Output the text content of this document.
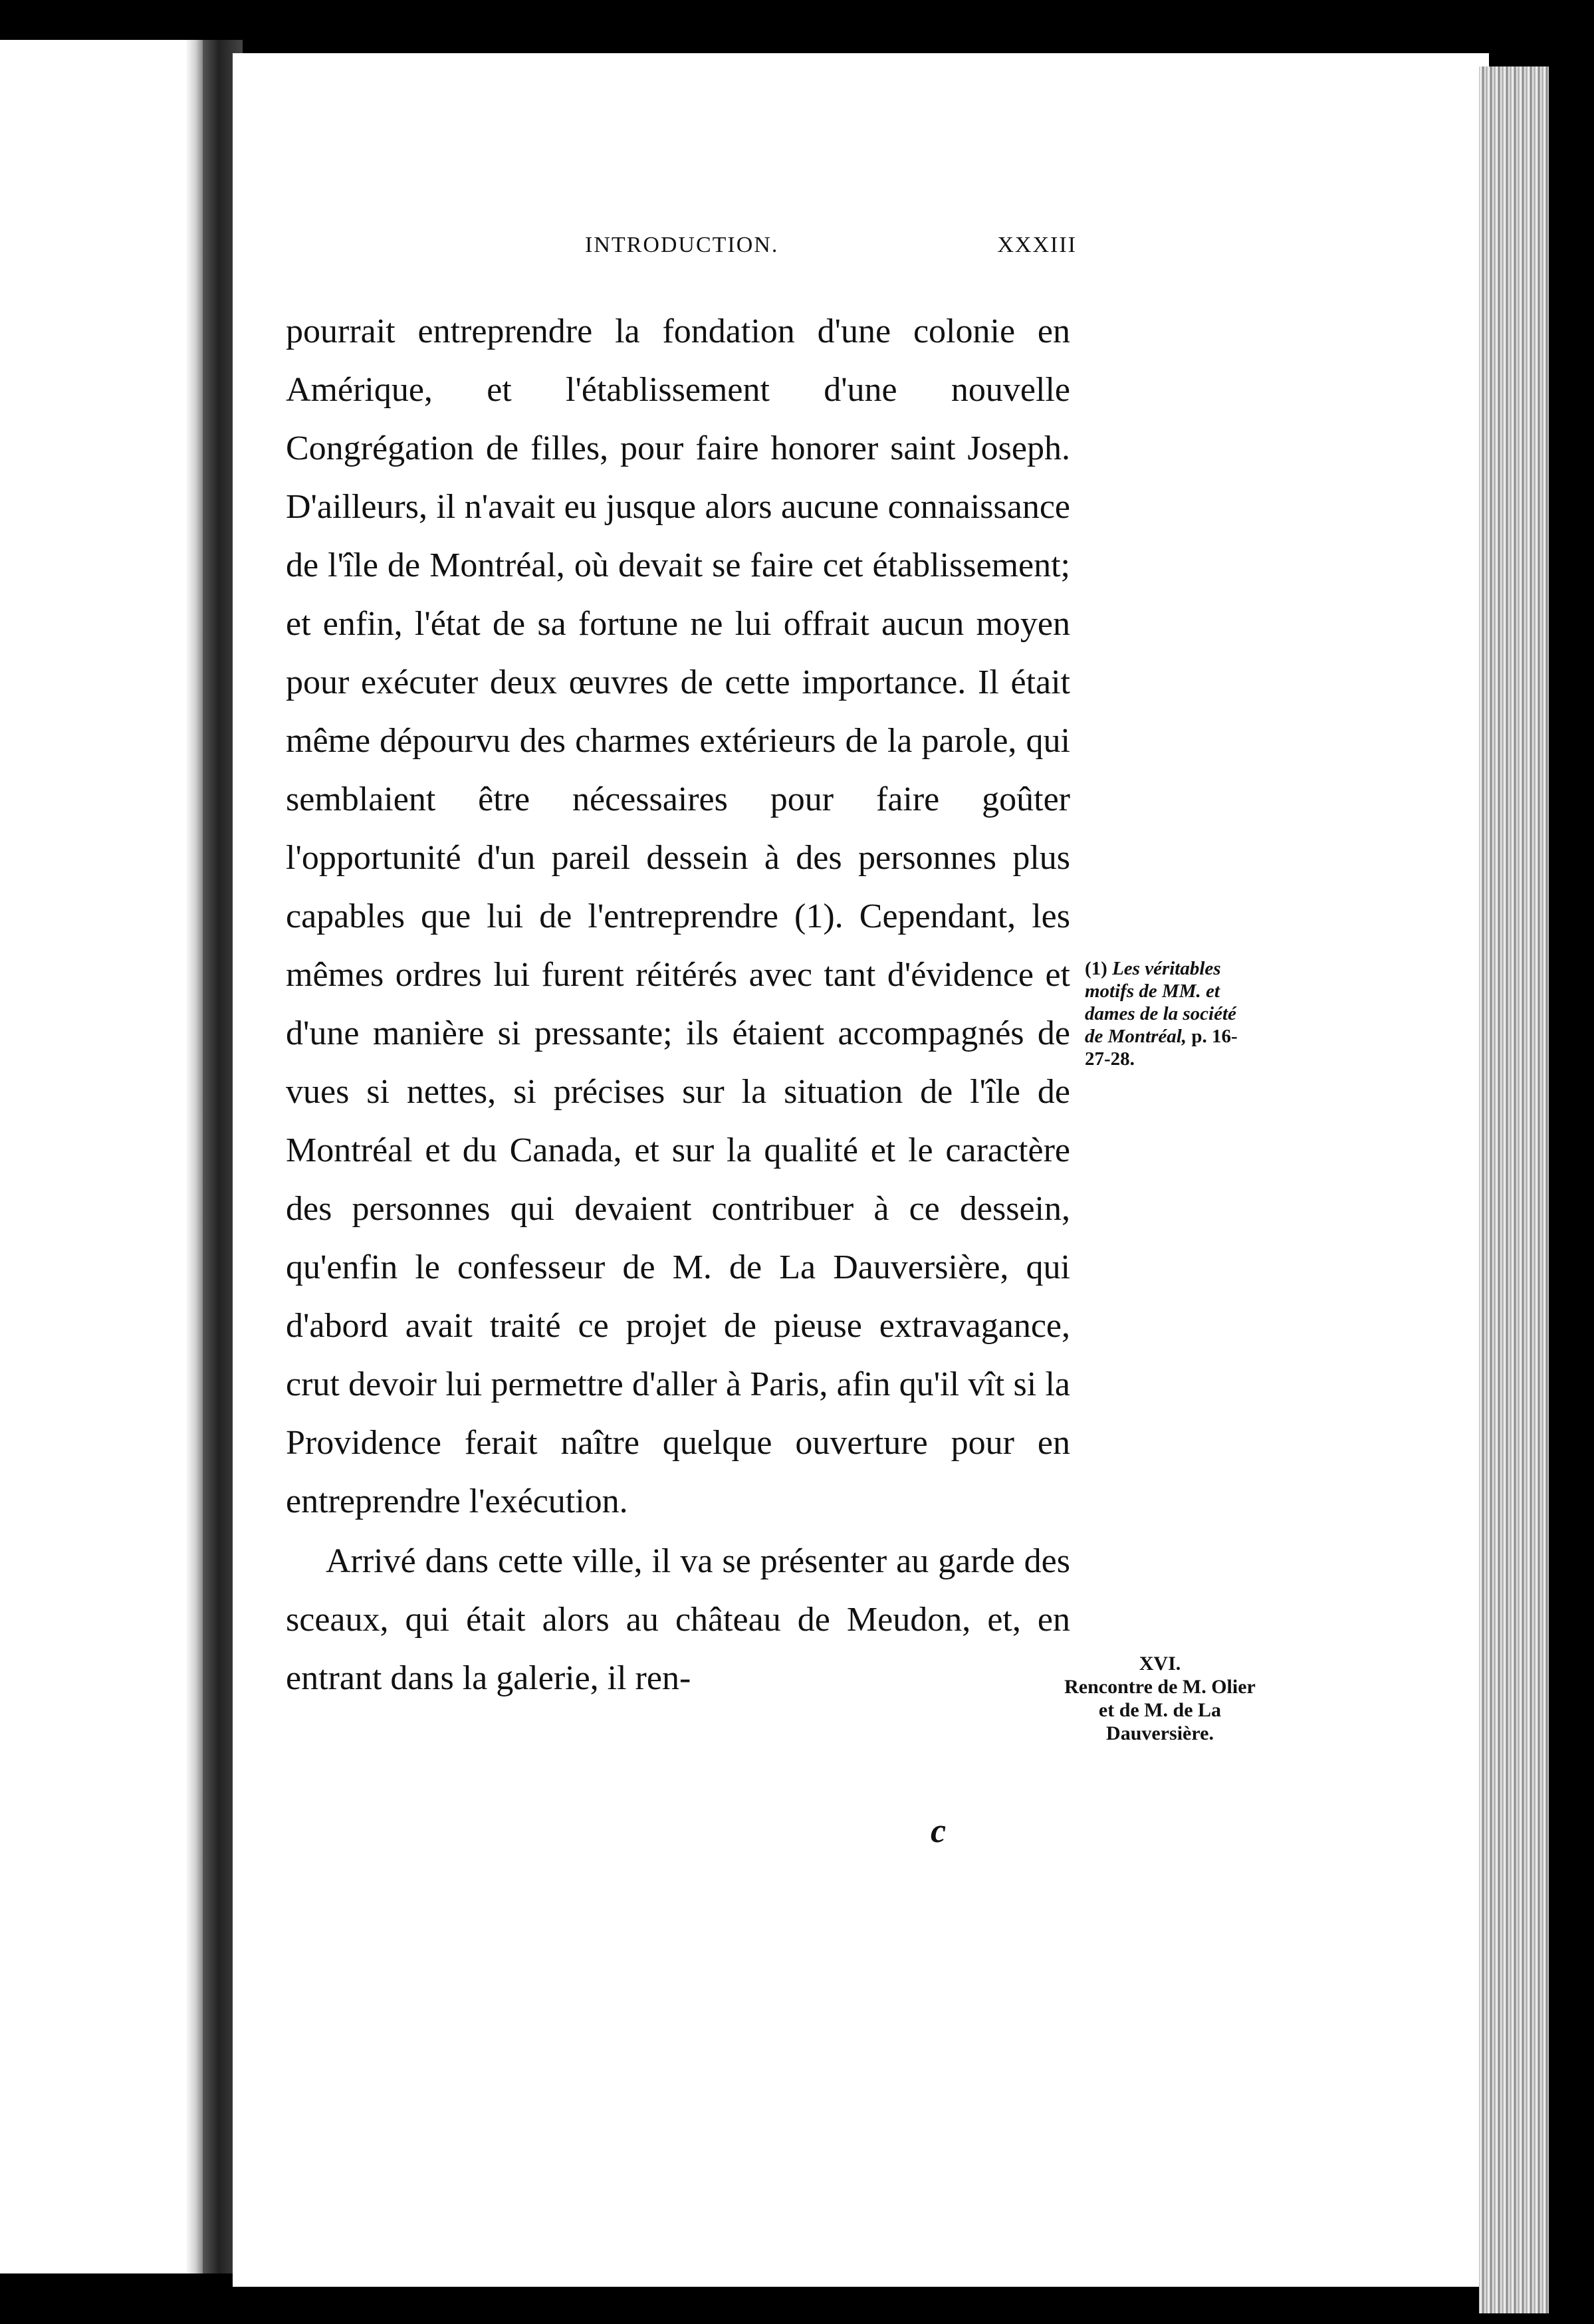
INTRODUCTION.	XXXIII

pourrait entreprendre la fondation d'une colonie en Amérique, et l'établissement d'une nouvelle Congrégation de filles, pour faire honorer saint Joseph. D'ailleurs, il n'avait eu jusque alors aucune connaissance de l'île de Montréal, où devait se faire cet établissement; et enfin, l'état de sa fortune ne lui offrait aucun moyen pour exécuter deux œuvres de cette importance. Il était même dépourvu des charmes extérieurs de la parole, qui semblaient être nécessaires pour faire goûter l'opportunité d'un pareil dessein à des personnes plus capables que lui de l'entreprendre (1). Cependant, les mêmes ordres lui furent réitérés avec tant d'évidence et d'une manière si pressante; ils étaient accompagnés de vues si nettes, si précises sur la situation de l'île de Montréal et du Canada, et sur la qualité et le caractère des personnes qui devaient contribuer à ce dessein, qu'enfin le confesseur de M. de La Dauversière, qui d'abord avait traité ce projet de pieuse extravagance, crut devoir lui permettre d'aller à Paris, afin qu'il vît si la Providence ferait naître quelque ouverture pour en entreprendre l'exécution.

Arrivé dans cette ville, il va se présenter au garde des sceaux, qui était alors au château de Meudon, et, en entrant dans la galerie, il ren-

(1) Les véritables motifs de MM. et dames de la société de Montréal, p. 16-27-28.
XVI.
Rencontre de M. Olier et de M. de La Dauversière.
c
